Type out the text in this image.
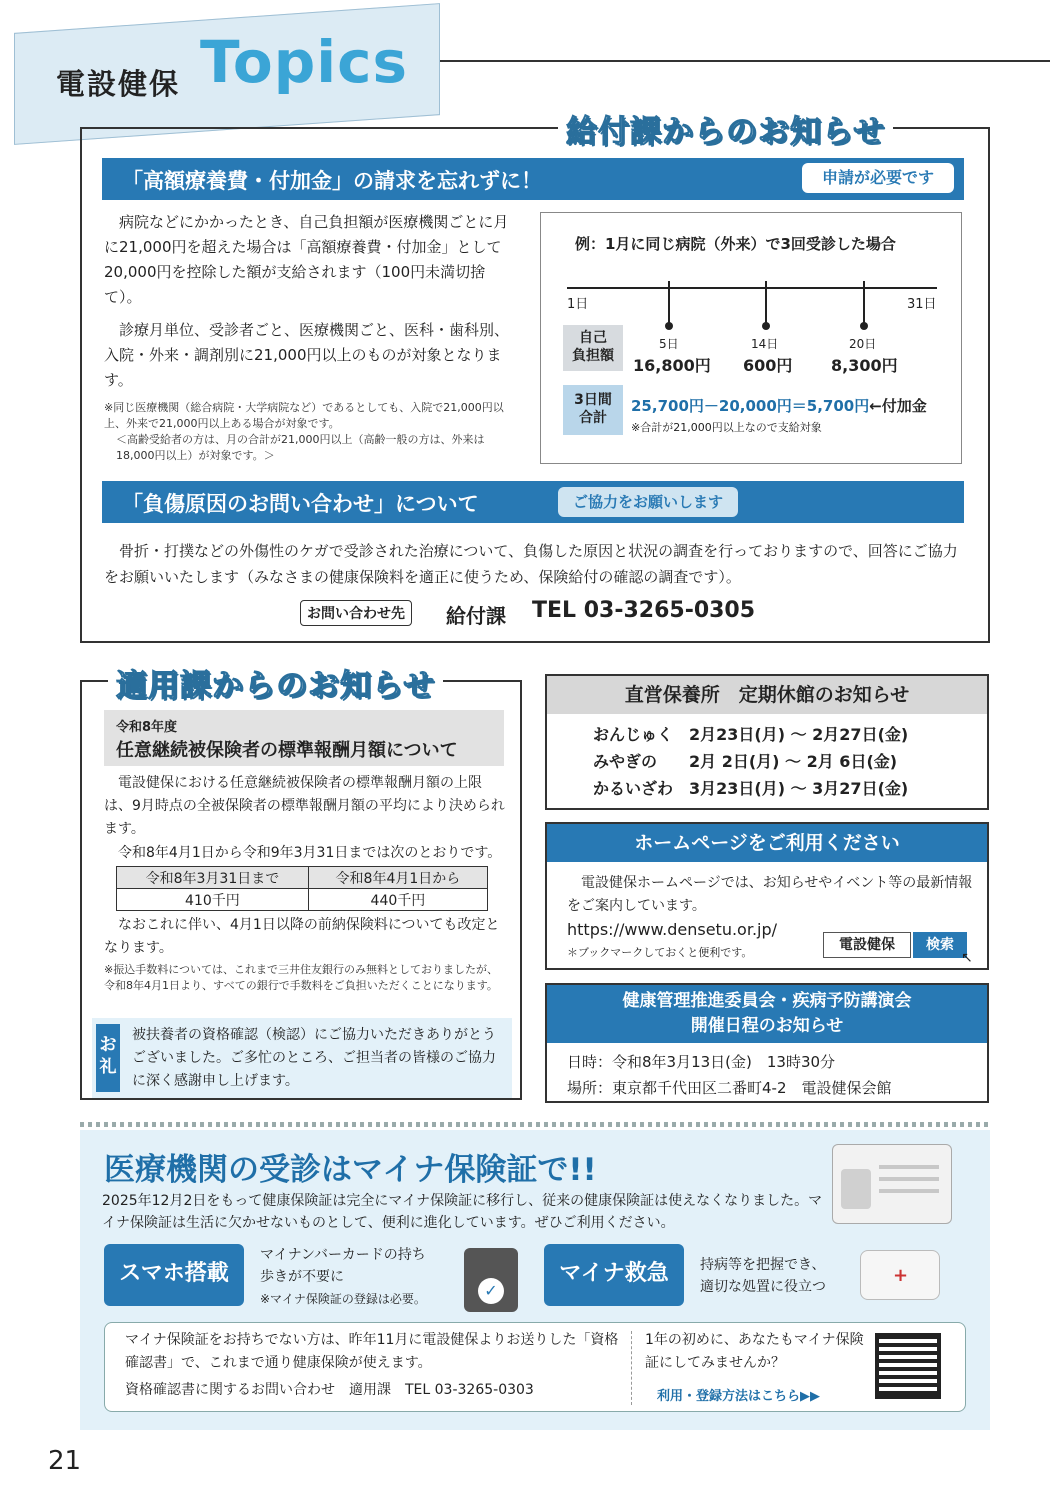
電設健保 Topics
給付課からのお知らせ
「高額療養費・付加金」の請求を忘れずに！	申請が必要です
病院などにかかったとき、自己負担額が医療機関ごとに月に21,000円を超えた場合は「高額療養費・付加金」として20,000円を控除した額が支給されます（100円未満切捨て）。
診療月単位、受診者ごと、医療機関ごと、医科・歯科別、入院・外来・調剤別に21,000円以上のものが対象となります。
※同じ医療機関（総合病院・大学病院など）であるとしても、入院で21,000円以上、外来で21,000円以上ある場合が対象です。
＜高齢受給者の方は、月の合計が21,000円以上（高齢一般の方は、外来は18,000円以上）が対象です。＞
例：1月に同じ病院（外来）で3回受診した場合
1日	31日
自己
負担額
5日	14日	20日
16,800円 600円 8,300円
3日間
合計
25,700円－20,000円＝5,700円←付加金
※合計が21,000円以上なので支給対象
「負傷原因のお問い合わせ」について	ご協力をお願いします
骨折・打撲などの外傷性のケガで受診された治療について、負傷した原因と状況の調査を行っておりますので、回答にご協力をお願いいたします（みなさまの健康保険料を適正に使うため、保険給付の確認の調査です）。
お問い合わせ先	給付課 TEL 03-3265-0305
適用課からのお知らせ
令和8年度
任意継続被保険者の標準報酬月額について
電設健保における任意継続被保険者の標準報酬月額の上限は、9月時点の全被保険者の標準報酬月額の平均により決められます。
令和8年4月1日から令和9年3月31日までは次のとおりです。
令和8年3月31日まで	令和8年4月1日から
410千円	440千円
なおこれに伴い、4月1日以降の前納保険料についても改定となります。
※振込手数料については、これまで三井住友銀行のみ無料としておりましたが、令和8年4月1日より、すべての銀行で手数料をご負担いただくことになります。
お礼
被扶養者の資格確認（検認）にご協力いただきありがとうございました。ご多忙のところ、ご担当者の皆様のご協力に深く感謝申し上げます。
直営保養所　定期休館のお知らせ
おんじゅく 2月23日(月) ～ 2月27日(金)
みやぎの 2月 2日(月) ～ 2月 6日(金)
かるいざわ 3月23日(月) ～ 3月27日(金)
ホームページをご利用ください
電設健保ホームページでは、お知らせやイベント等の最新情報をご案内しています。
https://www.densetu.or.jp/
＊ブックマークしておくと便利です。	電設健保	検索
↖
健康管理推進委員会・疾病予防講演会
開催日程のお知らせ
日時：令和8年3月13日(金)　13時30分
場所：東京都千代田区二番町4-2　電設健保会館
医療機関の受診はマイナ保険証で!!
2025年12月2日をもって健康保険証は完全にマイナ保険証に移行し、従来の健康保険証は使えなくなりました。マイナ保険証は生活に欠かせないものとして、便利に進化しています。ぜひご利用ください。
スマホ搭載
マイナンバーカードの持ち
歩きが不要に
※マイナ保険証の登録は必要。	✓
マイナ救急	持病等を把握でき、
適切な処置に役立つ
+
マイナ保険証をお持ちでない方は、昨年11月に電設健保よりお送りした「資格確認書」で、これまで通り健康保険が使えます。
資格確認書に関するお問い合わせ　適用課　TEL 03-3265-0303
1年の初めに、あなたもマイナ保険証にしてみませんか？
利用・登録方法はこちら▶▶
21
